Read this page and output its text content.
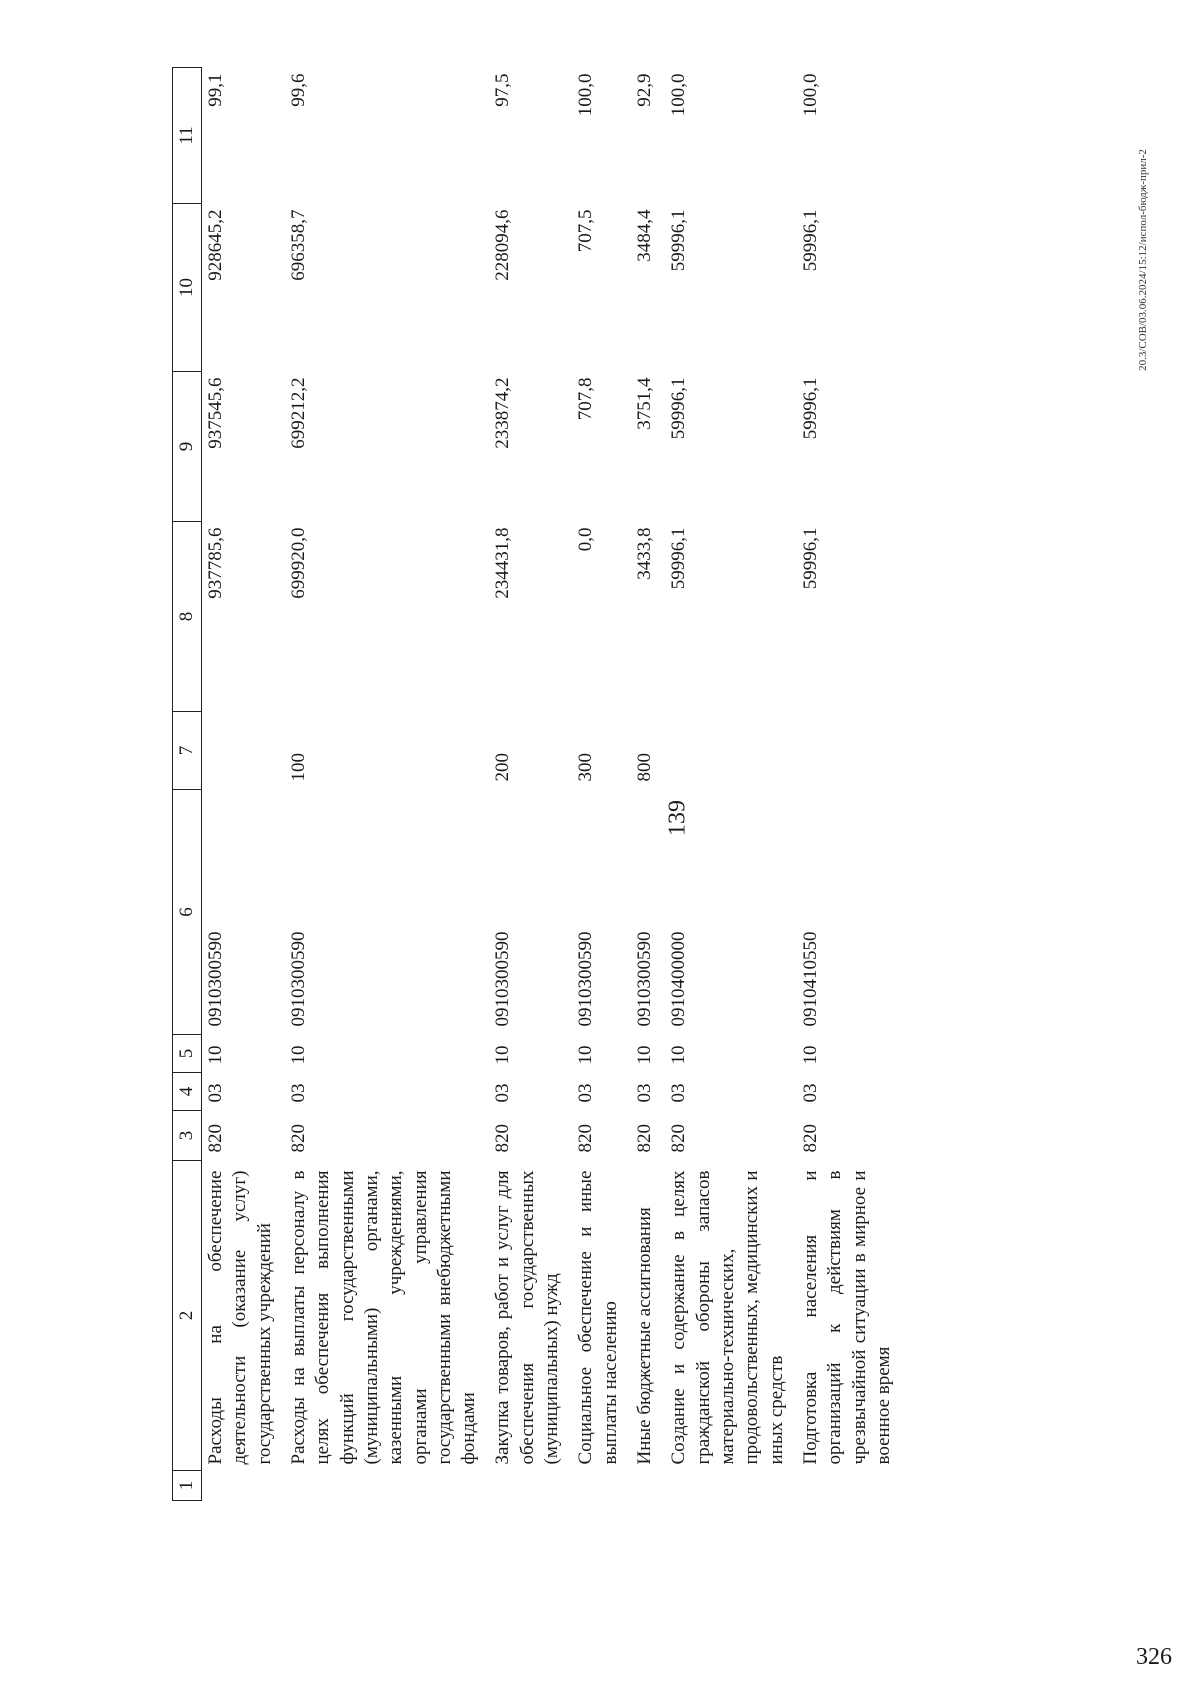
139
1	2	3	4	5	6	7	8	9	10	11
	Расходы на обеспечение деятельности (оказание услуг) государственных учреждений	820	03	10	0910300590		937785,6	937545,6	928645,2	99,1
	Расходы на выплаты персоналу в целях обеспечения выполнения функций государственными (муниципальными) органами, казенными учреждениями, органами управления государственными внебюджетными фондами	820	03	10	0910300590	100	699920,0	699212,2	696358,7	99,6
	Закупка товаров, работ и услуг для обеспечения государственных (муниципальных) нужд	820	03	10	0910300590	200	234431,8	233874,2	228094,6	97,5
	Социальное обеспечение и иные выплаты населению	820	03	10	0910300590	300	0,0	707,8	707,5	100,0
	Иные бюджетные ассигнования	820	03	10	0910300590	800	3433,8	3751,4	3484,4	92,9
	Создание и содержание в целях гражданской обороны запасов материально-технических, продовольственных, медицинских и иных средств	820	03	10	0910400000		59996,1	59996,1	59996,1	100,0
	Подготовка населения и организаций к действиям в чрезвычайной ситуации в мирное и военное время	820	03	10	0910410550		59996,1	59996,1	59996,1	100,0
20.3/СОВ/03.06.2024/15:12/испол-бюдж-прил-2
326
